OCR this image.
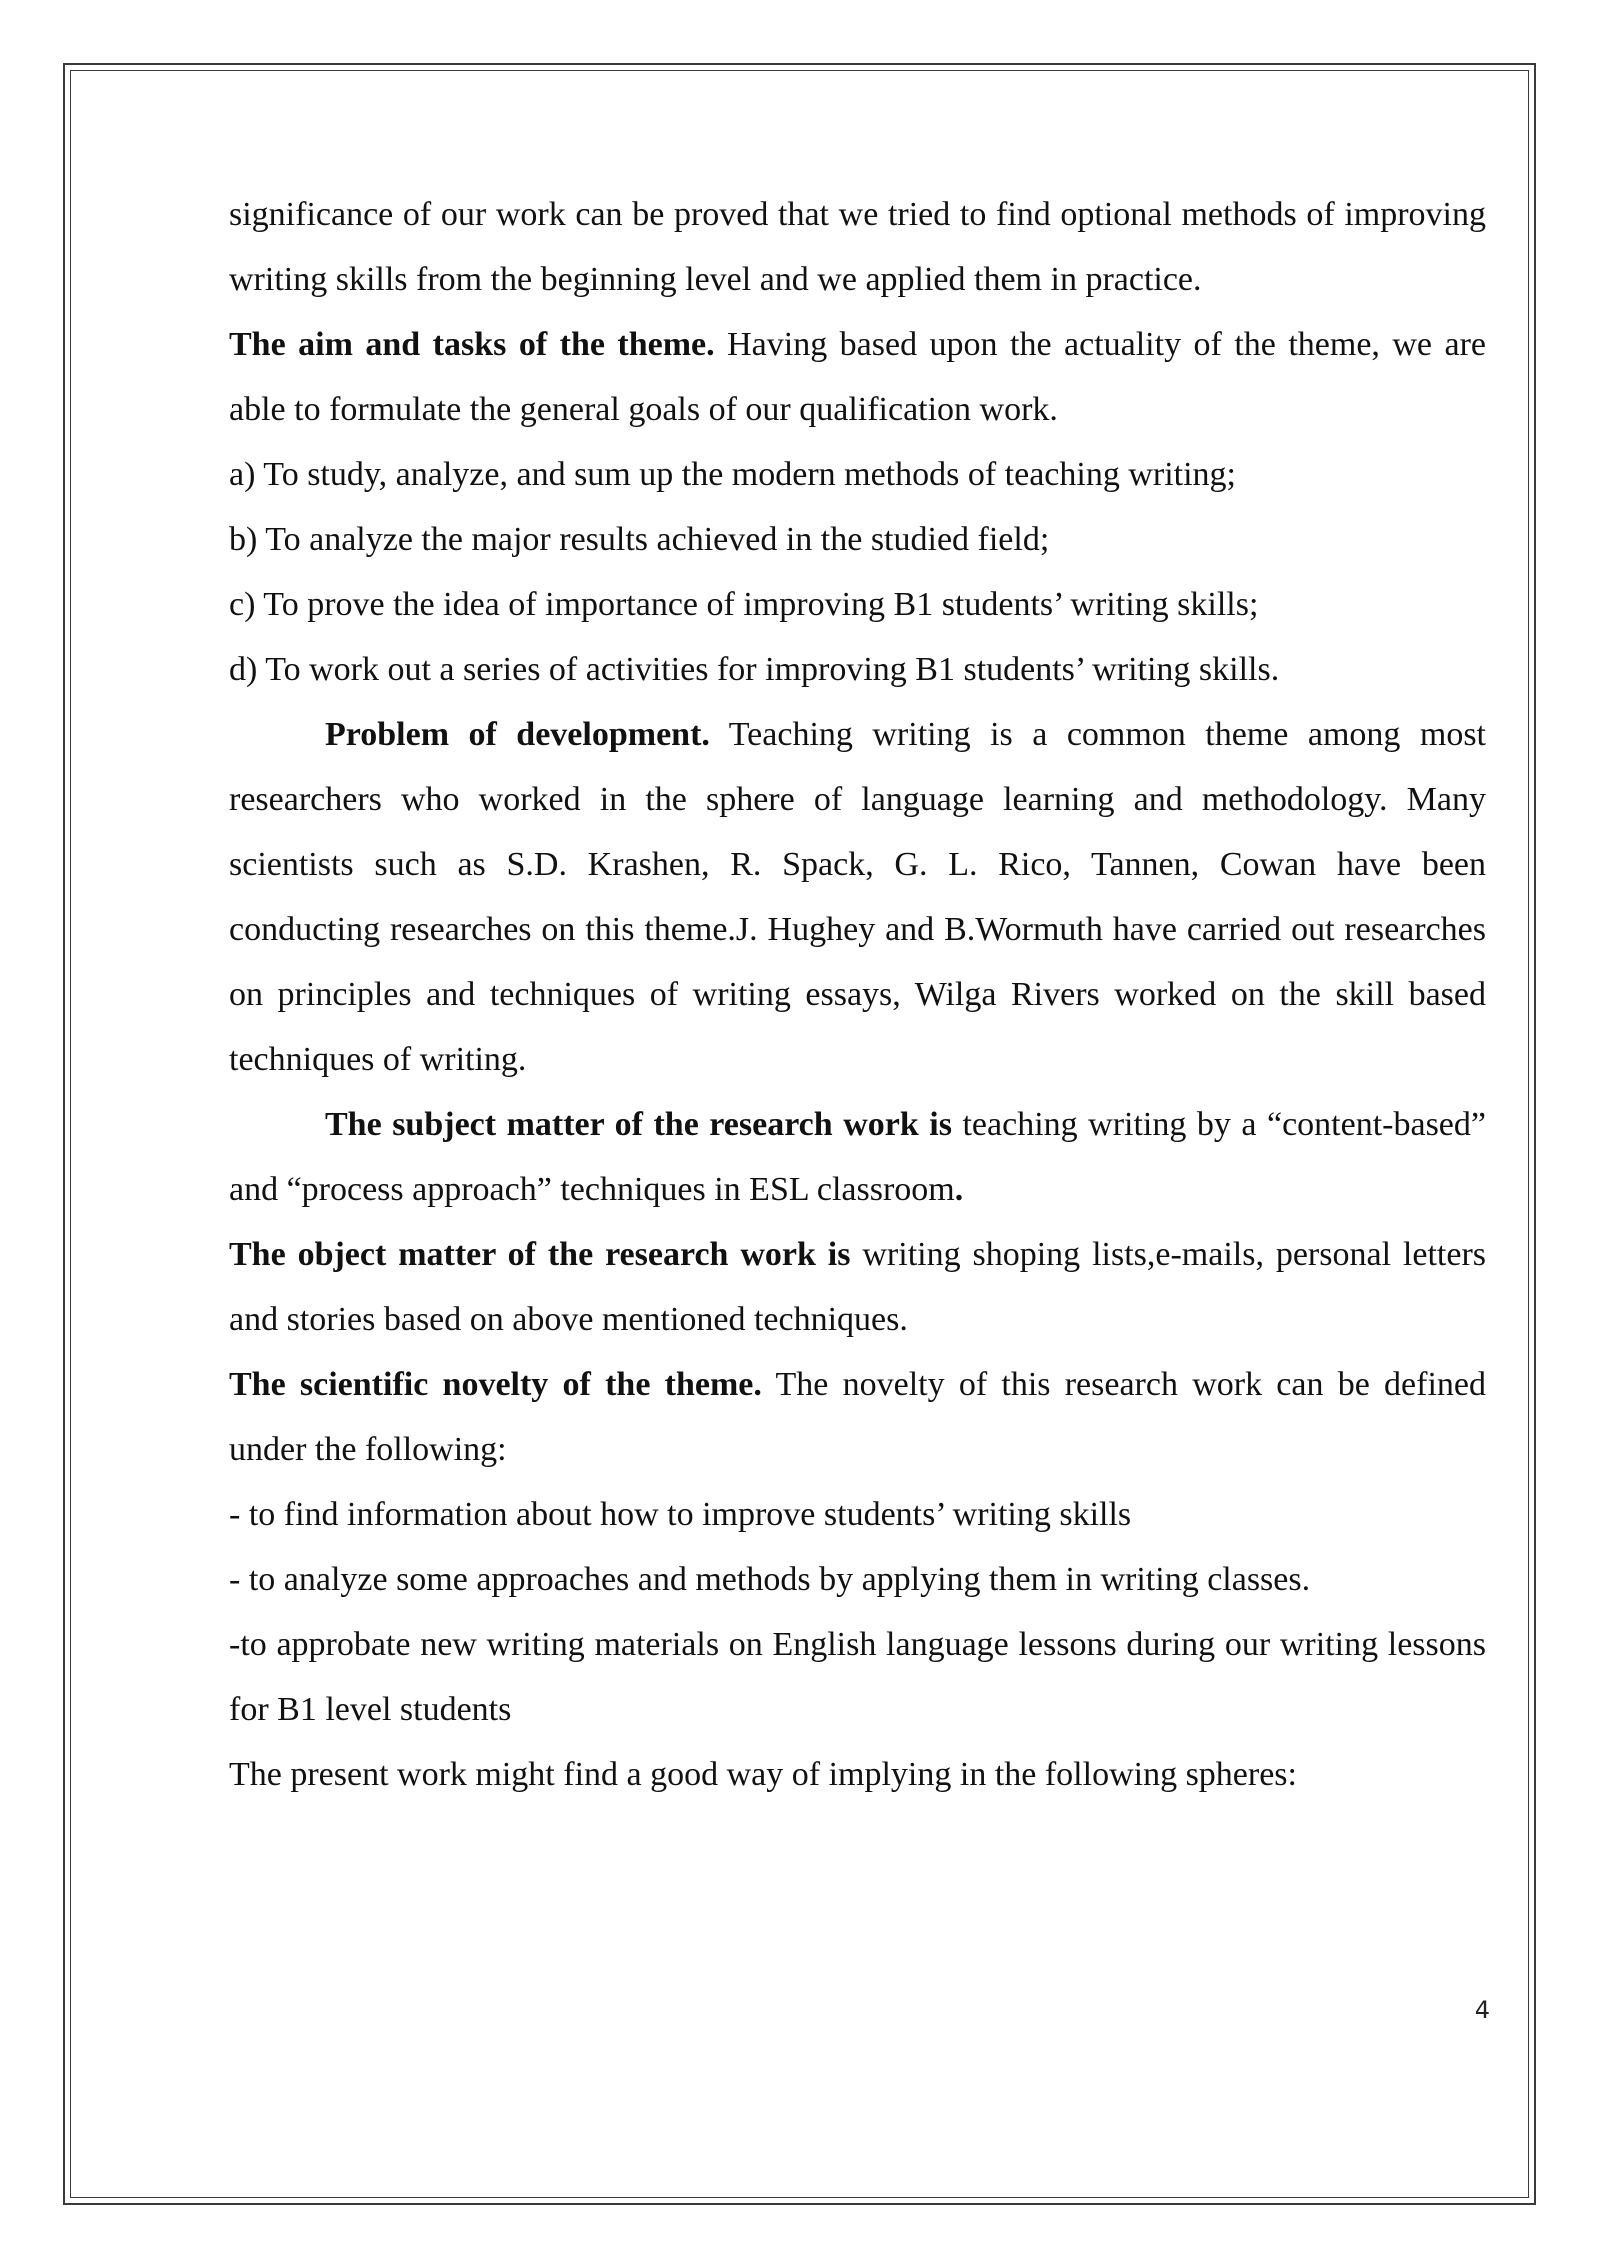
significance of our work can be proved that we tried to find optional methods of improving writing skills from the beginning level and we applied them in practice.

The aim and tasks of the theme. Having based upon the actuality of the theme, we are able to formulate the general goals of our qualification work.

a) To study, analyze, and sum up the modern methods of teaching writing;

b) To analyze the major results achieved in the studied field;

c) To prove the idea of importance of improving B1 students’ writing skills;

d) To work out a series of activities for improving B1 students’ writing skills.

Problem of development. Teaching writing is a common theme among most researchers who worked in the sphere of language learning and methodology. Many scientists such as S.D. Krashen, R. Spack, G. L. Rico, Tannen, Cowan have been conducting researches on this theme.J. Hughey and B.Wormuth have carried out researches on principles and techniques of writing essays, Wilga Rivers worked on the skill based techniques of writing.

The subject matter of the research work is teaching writing by a “content-based” and “process approach” techniques in ESL classroom.

The object matter of the research work is writing shoping lists,e-mails, personal letters and stories based on above mentioned techniques.

The scientific novelty of the theme. The novelty of this research work can be defined under the following:

- to find information about how to improve students’ writing skills

- to analyze some approaches and methods by applying them in writing classes.

-to approbate new writing materials on English language lessons during our writing lessons for B1 level students

The present work might find a good way of implying in the following spheres:

4
